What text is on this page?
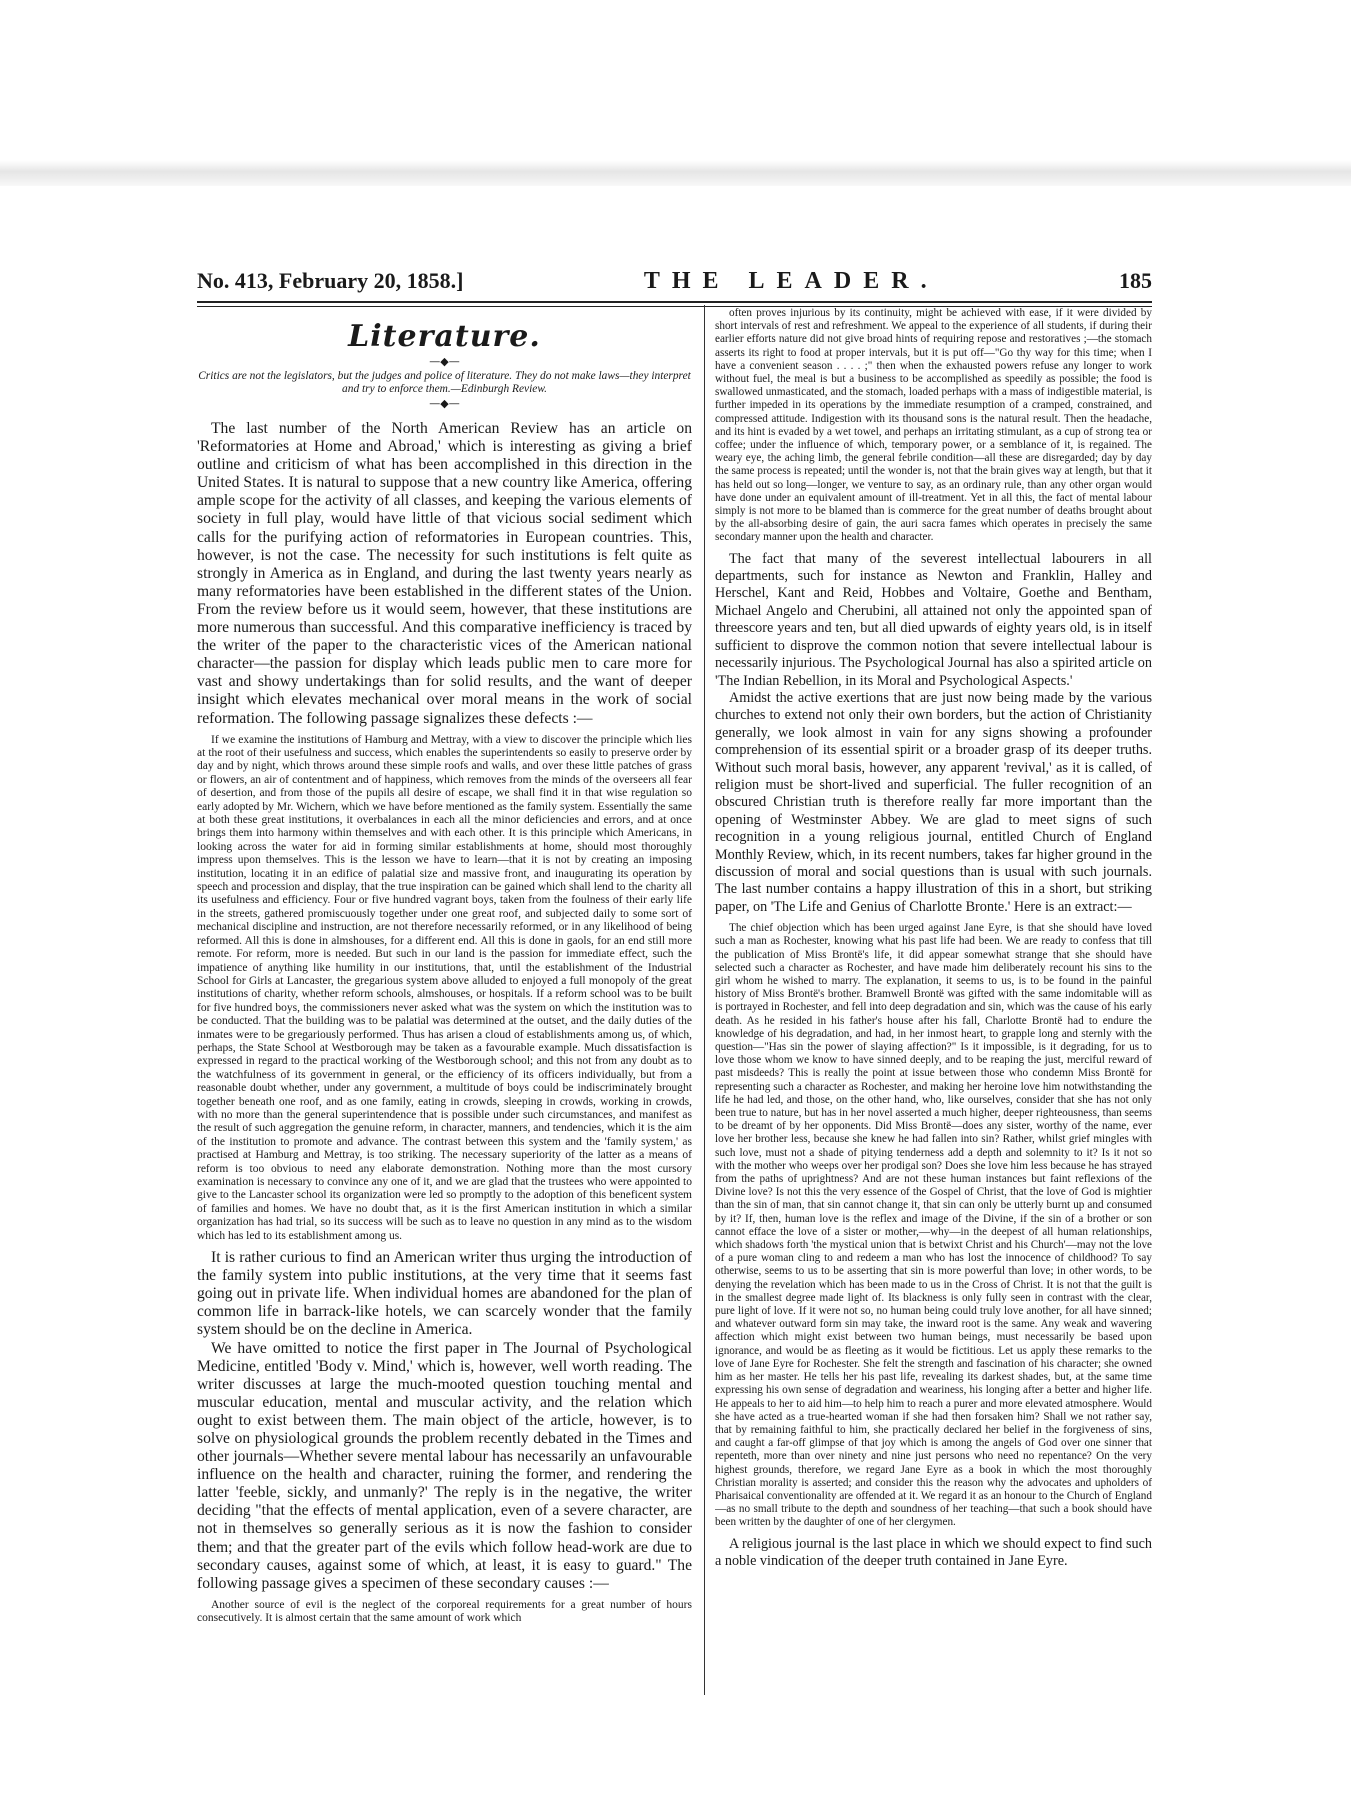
No. 413, February 20, 1858.]	THE LEADER.	185
Literature.
—◆—

Critics are not the legislators, but the judges and police of literature. They do not make laws—they interpret and try to enforce them.—Edinburgh Review.

—◆—

The last number of the North American Review has an article on 'Reformatories at Home and Abroad,' which is interesting as giving a brief outline and criticism of what has been accomplished in this direction in the United States. It is natural to suppose that a new country like America, offering ample scope for the activity of all classes, and keeping the various elements of society in full play, would have little of that vicious social sediment which calls for the purifying action of reformatories in European countries. This, however, is not the case. The necessity for such institutions is felt quite as strongly in America as in England, and during the last twenty years nearly as many reformatories have been established in the different states of the Union. From the review before us it would seem, however, that these institutions are more numerous than successful. And this comparative inefficiency is traced by the writer of the paper to the characteristic vices of the American national character—the passion for display which leads public men to care more for vast and showy undertakings than for solid results, and the want of deeper insight which elevates mechanical over moral means in the work of social reformation. The following passage signalizes these defects :—

If we examine the institutions of Hamburg and Mettray, with a view to discover the principle which lies at the root of their usefulness and success, which enables the superintendents so easily to preserve order by day and by night, which throws around these simple roofs and walls, and over these little patches of grass or flowers, an air of contentment and of happiness, which removes from the minds of the overseers all fear of desertion, and from those of the pupils all desire of escape, we shall find it in that wise regulation so early adopted by Mr. Wichern, which we have before mentioned as the family system. Essentially the same at both these great institutions, it overbalances in each all the minor deficiencies and errors, and at once brings them into harmony within themselves and with each other. It is this principle which Americans, in looking across the water for aid in forming similar establishments at home, should most thoroughly impress upon themselves. This is the lesson we have to learn—that it is not by creating an imposing institution, locating it in an edifice of palatial size and massive front, and inaugurating its operation by speech and procession and display, that the true inspiration can be gained which shall lend to the charity all its usefulness and efficiency. Four or five hundred vagrant boys, taken from the foulness of their early life in the streets, gathered promiscuously together under one great roof, and subjected daily to some sort of mechanical discipline and instruction, are not therefore necessarily reformed, or in any likelihood of being reformed. All this is done in almshouses, for a different end. All this is done in gaols, for an end still more remote. For reform, more is needed. But such in our land is the passion for immediate effect, such the impatience of anything like humility in our institutions, that, until the establishment of the Industrial School for Girls at Lancaster, the gregarious system above alluded to enjoyed a full monopoly of the great institutions of charity, whether reform schools, almshouses, or hospitals. If a reform school was to be built for five hundred boys, the commissioners never asked what was the system on which the institution was to be conducted. That the building was to be palatial was determined at the outset, and the daily duties of the inmates were to be gregariously performed. Thus has arisen a cloud of establishments among us, of which, perhaps, the State School at Westborough may be taken as a favourable example. Much dissatisfaction is expressed in regard to the practical working of the Westborough school; and this not from any doubt as to the watchfulness of its government in general, or the efficiency of its officers individually, but from a reasonable doubt whether, under any government, a multitude of boys could be indiscriminately brought together beneath one roof, and as one family, eating in crowds, sleeping in crowds, working in crowds, with no more than the general superintendence that is possible under such circumstances, and manifest as the result of such aggregation the genuine reform, in character, manners, and tendencies, which it is the aim of the institution to promote and advance. The contrast between this system and the 'family system,' as practised at Hamburg and Mettray, is too striking. The necessary superiority of the latter as a means of reform is too obvious to need any elaborate demonstration. Nothing more than the most cursory examination is necessary to convince any one of it, and we are glad that the trustees who were appointed to give to the Lancaster school its organization were led so promptly to the adoption of this beneficent system of families and homes. We have no doubt that, as it is the first American institution in which a similar organization has had trial, so its success will be such as to leave no question in any mind as to the wisdom which has led to its establishment among us.

It is rather curious to find an American writer thus urging the introduction of the family system into public institutions, at the very time that it seems fast going out in private life. When individual homes are abandoned for the plan of common life in barrack-like hotels, we can scarcely wonder that the family system should be on the decline in America.

We have omitted to notice the first paper in The Journal of Psychological Medicine, entitled 'Body v. Mind,' which is, however, well worth reading. The writer discusses at large the much-mooted question touching mental and muscular education, mental and muscular activity, and the relation which ought to exist between them. The main object of the article, however, is to solve on physiological grounds the problem recently debated in the Times and other journals—Whether severe mental labour has necessarily an unfavourable influence on the health and character, ruining the former, and rendering the latter 'feeble, sickly, and unmanly?' The reply is in the negative, the writer deciding "that the effects of mental application, even of a severe character, are not in themselves so generally serious as it is now the fashion to consider them; and that the greater part of the evils which follow head-work are due to secondary causes, against some of which, at least, it is easy to guard." The following passage gives a specimen of these secondary causes :—

Another source of evil is the neglect of the corporeal requirements for a great number of hours consecutively. It is almost certain that the same amount of work which

often proves injurious by its continuity, might be achieved with ease, if it were divided by short intervals of rest and refreshment. We appeal to the experience of all students, if during their earlier efforts nature did not give broad hints of requiring repose and restoratives ;—the stomach asserts its right to food at proper intervals, but it is put off—"Go thy way for this time; when I have a convenient season . . . . ;" then when the exhausted powers refuse any longer to work without fuel, the meal is but a business to be accomplished as speedily as possible; the food is swallowed unmasticated, and the stomach, loaded perhaps with a mass of indigestible material, is further impeded in its operations by the immediate resumption of a cramped, constrained, and compressed attitude. Indigestion with its thousand sons is the natural result. Then the headache, and its hint is evaded by a wet towel, and perhaps an irritating stimulant, as a cup of strong tea or coffee; under the influence of which, temporary power, or a semblance of it, is regained. The weary eye, the aching limb, the general febrile condition—all these are disregarded; day by day the same process is repeated; until the wonder is, not that the brain gives way at length, but that it has held out so long—longer, we venture to say, as an ordinary rule, than any other organ would have done under an equivalent amount of ill-treatment. Yet in all this, the fact of mental labour simply is not more to be blamed than is commerce for the great number of deaths brought about by the all-absorbing desire of gain, the auri sacra fames which operates in precisely the same secondary manner upon the health and character.

The fact that many of the severest intellectual labourers in all departments, such for instance as Newton and Franklin, Halley and Herschel, Kant and Reid, Hobbes and Voltaire, Goethe and Bentham, Michael Angelo and Cherubini, all attained not only the appointed span of threescore years and ten, but all died upwards of eighty years old, is in itself sufficient to disprove the common notion that severe intellectual labour is necessarily injurious. The Psychological Journal has also a spirited article on 'The Indian Rebellion, in its Moral and Psychological Aspects.'

Amidst the active exertions that are just now being made by the various churches to extend not only their own borders, but the action of Christianity generally, we look almost in vain for any signs showing a profounder comprehension of its essential spirit or a broader grasp of its deeper truths. Without such moral basis, however, any apparent 'revival,' as it is called, of religion must be short-lived and superficial. The fuller recognition of an obscured Christian truth is therefore really far more important than the opening of Westminster Abbey. We are glad to meet signs of such recognition in a young religious journal, entitled Church of England Monthly Review, which, in its recent numbers, takes far higher ground in the discussion of moral and social questions than is usual with such journals. The last number contains a happy illustration of this in a short, but striking paper, on 'The Life and Genius of Charlotte Bronte.' Here is an extract:—

The chief objection which has been urged against Jane Eyre, is that she should have loved such a man as Rochester, knowing what his past life had been. We are ready to confess that till the publication of Miss Brontë's life, it did appear somewhat strange that she should have selected such a character as Rochester, and have made him deliberately recount his sins to the girl whom he wished to marry. The explanation, it seems to us, is to be found in the painful history of Miss Brontë's brother. Bramwell Brontë was gifted with the same indomitable will as is portrayed in Rochester, and fell into deep degradation and sin, which was the cause of his early death. As he resided in his father's house after his fall, Charlotte Brontë had to endure the knowledge of his degradation, and had, in her inmost heart, to grapple long and sternly with the question—"Has sin the power of slaying affection?" Is it impossible, is it degrading, for us to love those whom we know to have sinned deeply, and to be reaping the just, merciful reward of past misdeeds? This is really the point at issue between those who condemn Miss Brontë for representing such a character as Rochester, and making her heroine love him notwithstanding the life he had led, and those, on the other hand, who, like ourselves, consider that she has not only been true to nature, but has in her novel asserted a much higher, deeper righteousness, than seems to be dreamt of by her opponents. Did Miss Brontë—does any sister, worthy of the name, ever love her brother less, because she knew he had fallen into sin? Rather, whilst grief mingles with such love, must not a shade of pitying tenderness add a depth and solemnity to it? Is it not so with the mother who weeps over her prodigal son? Does she love him less because he has strayed from the paths of uprightness? And are not these human instances but faint reflexions of the Divine love? Is not this the very essence of the Gospel of Christ, that the love of God is mightier than the sin of man, that sin cannot change it, that sin can only be utterly burnt up and consumed by it? If, then, human love is the reflex and image of the Divine, if the sin of a brother or son cannot efface the love of a sister or mother,—why—in the deepest of all human relationships, which shadows forth 'the mystical union that is betwixt Christ and his Church'—may not the love of a pure woman cling to and redeem a man who has lost the innocence of childhood? To say otherwise, seems to us to be asserting that sin is more powerful than love; in other words, to be denying the revelation which has been made to us in the Cross of Christ. It is not that the guilt is in the smallest degree made light of. Its blackness is only fully seen in contrast with the clear, pure light of love. If it were not so, no human being could truly love another, for all have sinned; and whatever outward form sin may take, the inward root is the same. Any weak and wavering affection which might exist between two human beings, must necessarily be based upon ignorance, and would be as fleeting as it would be fictitious. Let us apply these remarks to the love of Jane Eyre for Rochester. She felt the strength and fascination of his character; she owned him as her master. He tells her his past life, revealing its darkest shades, but, at the same time expressing his own sense of degradation and weariness, his longing after a better and higher life. He appeals to her to aid him—to help him to reach a purer and more elevated atmosphere. Would she have acted as a true-hearted woman if she had then forsaken him? Shall we not rather say, that by remaining faithful to him, she practically declared her belief in the forgiveness of sins, and caught a far-off glimpse of that joy which is among the angels of God over one sinner that repenteth, more than over ninety and nine just persons who need no repentance? On the very highest grounds, therefore, we regard Jane Eyre as a book in which the most thoroughly Christian morality is asserted; and consider this the reason why the advocates and upholders of Pharisaical conventionality are offended at it. We regard it as an honour to the Church of England—as no small tribute to the depth and soundness of her teaching—that such a book should have been written by the daughter of one of her clergymen.

A religious journal is the last place in which we should expect to find such a noble vindication of the deeper truth contained in Jane Eyre.
